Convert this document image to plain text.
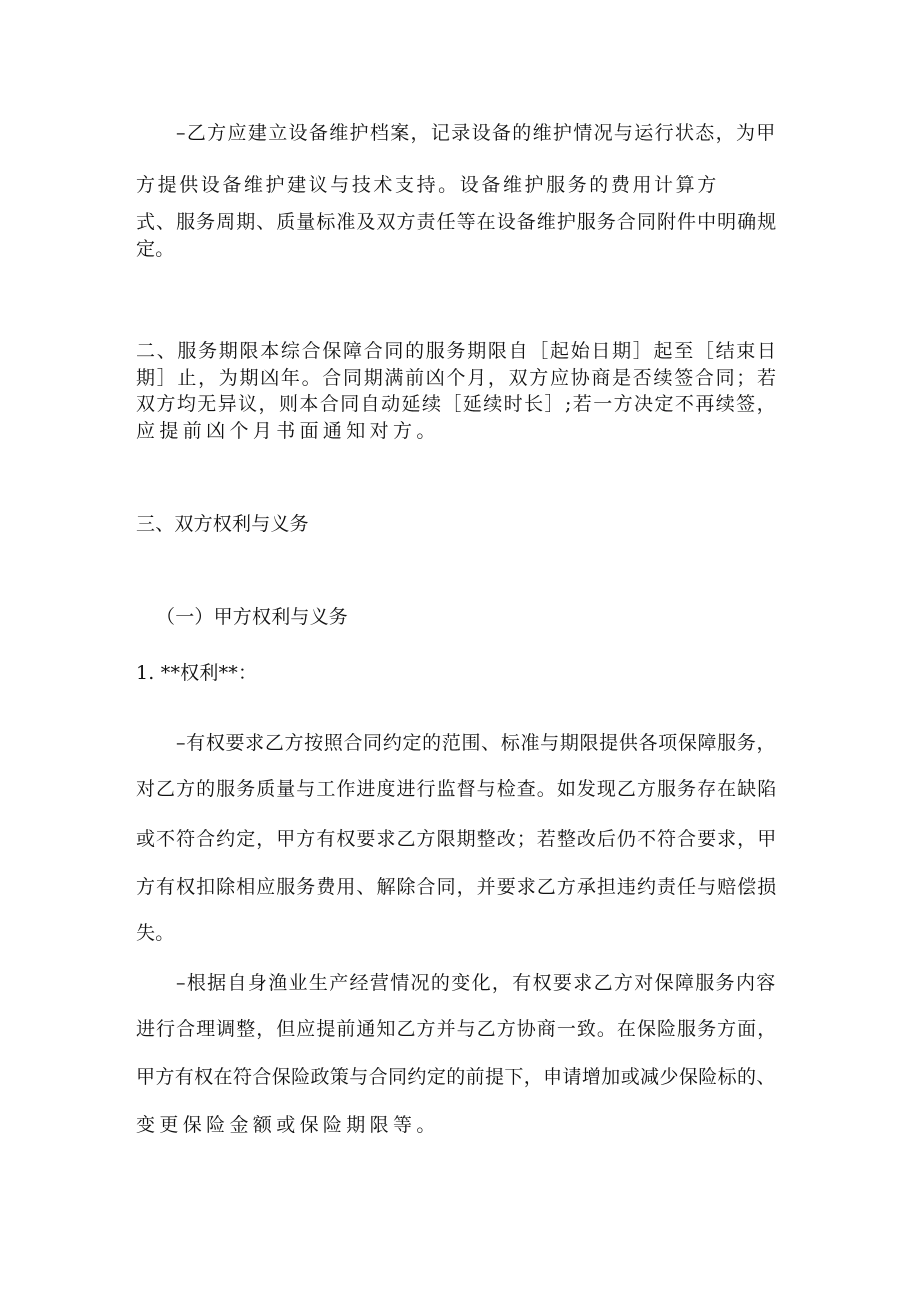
–乙方应建立设备维护档案，记录设备的维护情况与运行状态，为甲
方提供设备维护建议与技术支持。设备维护服务的费用计算方
式、服务周期、质量标准及双方责任等在设备维护服务合同附件中明确规
定。
二、服务期限本综合保障合同的服务期限自［起始日期］起至［结束日
期］止，为期凶年。合同期满前凶个月，双方应协商是否续签合同；若
双方均无异议，则本合同自动延续［延续时长］;若一方决定不再续签，
应提前凶个月书面通知对方。
三、双方权利与义务
（一）甲方权利与义务
1. **权利**：
–有权要求乙方按照合同约定的范围、标准与期限提供各项保障服务，
对乙方的服务质量与工作进度进行监督与检查。如发现乙方服务存在缺陷
或不符合约定，甲方有权要求乙方限期整改；若整改后仍不符合要求，甲
方有权扣除相应服务费用、解除合同，并要求乙方承担违约责任与赔偿损
失。
–根据自身渔业生产经营情况的变化，有权要求乙方对保障服务内容
进行合理调整，但应提前通知乙方并与乙方协商一致。在保险服务方面，
甲方有权在符合保险政策与合同约定的前提下，申请增加或减少保险标的、
变更保险金额或保险期限等。
